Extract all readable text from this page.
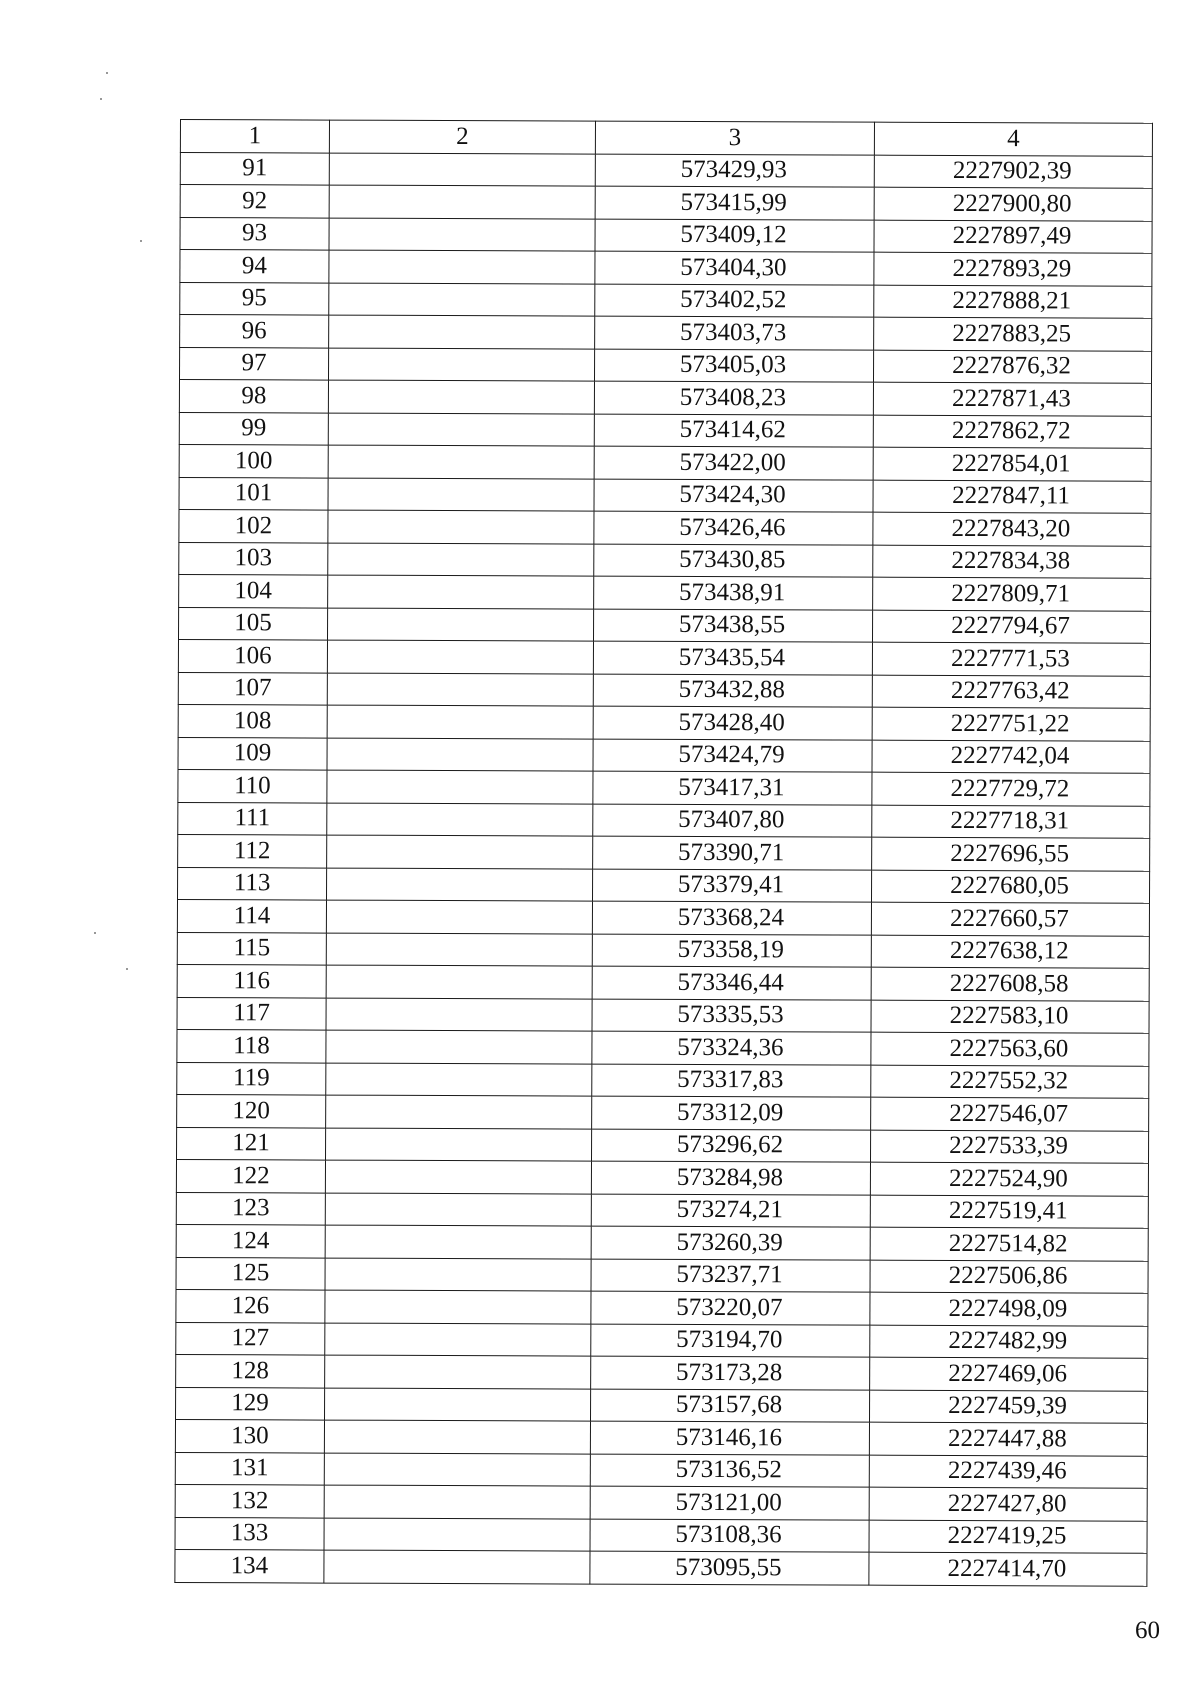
1	2	3	4
91		573429,93	2227902,39
92		573415,99	2227900,80
93		573409,12	2227897,49
94		573404,30	2227893,29
95		573402,52	2227888,21
96		573403,73	2227883,25
97		573405,03	2227876,32
98		573408,23	2227871,43
99		573414,62	2227862,72
100		573422,00	2227854,01
101		573424,30	2227847,11
102		573426,46	2227843,20
103		573430,85	2227834,38
104		573438,91	2227809,71
105		573438,55	2227794,67
106		573435,54	2227771,53
107		573432,88	2227763,42
108		573428,40	2227751,22
109		573424,79	2227742,04
110		573417,31	2227729,72
111		573407,80	2227718,31
112		573390,71	2227696,55
113		573379,41	2227680,05
114		573368,24	2227660,57
115		573358,19	2227638,12
116		573346,44	2227608,58
117		573335,53	2227583,10
118		573324,36	2227563,60
119		573317,83	2227552,32
120		573312,09	2227546,07
121		573296,62	2227533,39
122		573284,98	2227524,90
123		573274,21	2227519,41
124		573260,39	2227514,82
125		573237,71	2227506,86
126		573220,07	2227498,09
127		573194,70	2227482,99
128		573173,28	2227469,06
129		573157,68	2227459,39
130		573146,16	2227447,88
131		573136,52	2227439,46
132		573121,00	2227427,80
133		573108,36	2227419,25
134		573095,55	2227414,70
60
